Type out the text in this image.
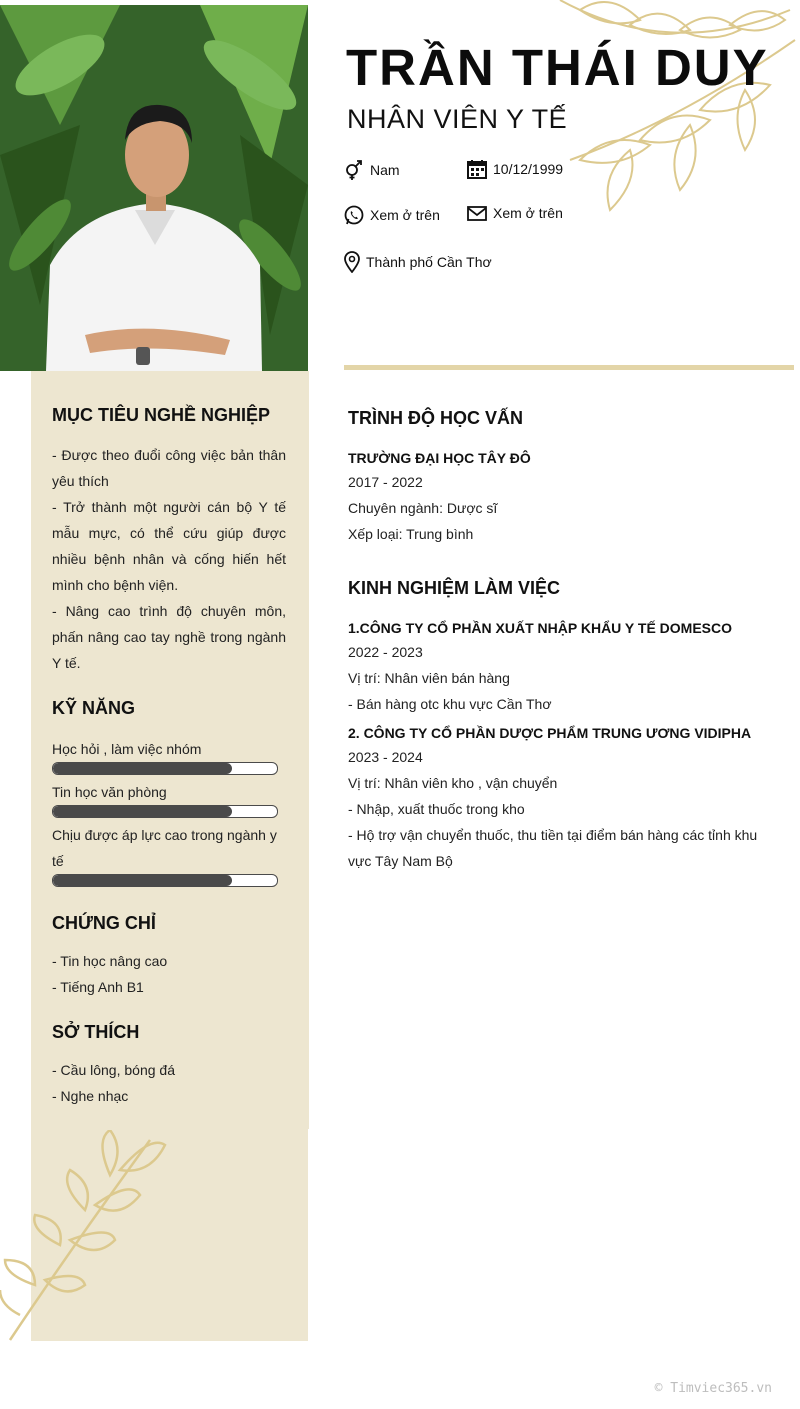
TRẦN THÁI DUY
NHÂN VIÊN Y TẾ
Nam	10/12/1999
Xem ở trên	Xem ở trên
Thành phố Cần Thơ
MỤC TIÊU NGHỀ NGHIỆP
- Được theo đuổi công việc bản thân yêu thích
- Trở thành một người cán bộ Y tế mẫu mực, có thể cứu giúp được nhiều bệnh nhân và cống hiến hết mình cho bệnh viện.
- Nâng cao trình độ chuyên môn, phấn nâng cao tay nghề trong ngành Y tế.
KỸ NĂNG
Học hỏi , làm việc nhóm
Tin học văn phòng
Chịu được áp lực cao trong ngành y tế
CHỨNG CHỈ
- Tin học nâng cao
- Tiếng Anh B1
SỞ THÍCH
- Cầu lông, bóng đá
- Nghe nhạc
TRÌNH ĐỘ HỌC VẤN
TRƯỜNG ĐẠI HỌC TÂY ĐÔ
2017 - 2022
Chuyên ngành: Dược sĩ
Xếp loại: Trung bình
KINH NGHIỆM LÀM VIỆC
1.CÔNG TY CỔ PHẦN XUẤT NHẬP KHẨU Y TẾ DOMESCO
2022 - 2023
Vị trí: Nhân viên bán hàng
- Bán hàng otc khu vực Cần Thơ
2. CÔNG TY CỔ PHẦN DƯỢC PHẨM TRUNG ƯƠNG VIDIPHA
2023 - 2024
Vị trí: Nhân viên kho , vận chuyển
- Nhập, xuất thuốc trong kho
- Hộ trợ vận chuyển thuốc, thu tiền tại điểm bán hàng các tỉnh khu vực Tây Nam Bộ
© Timviec365.vn
